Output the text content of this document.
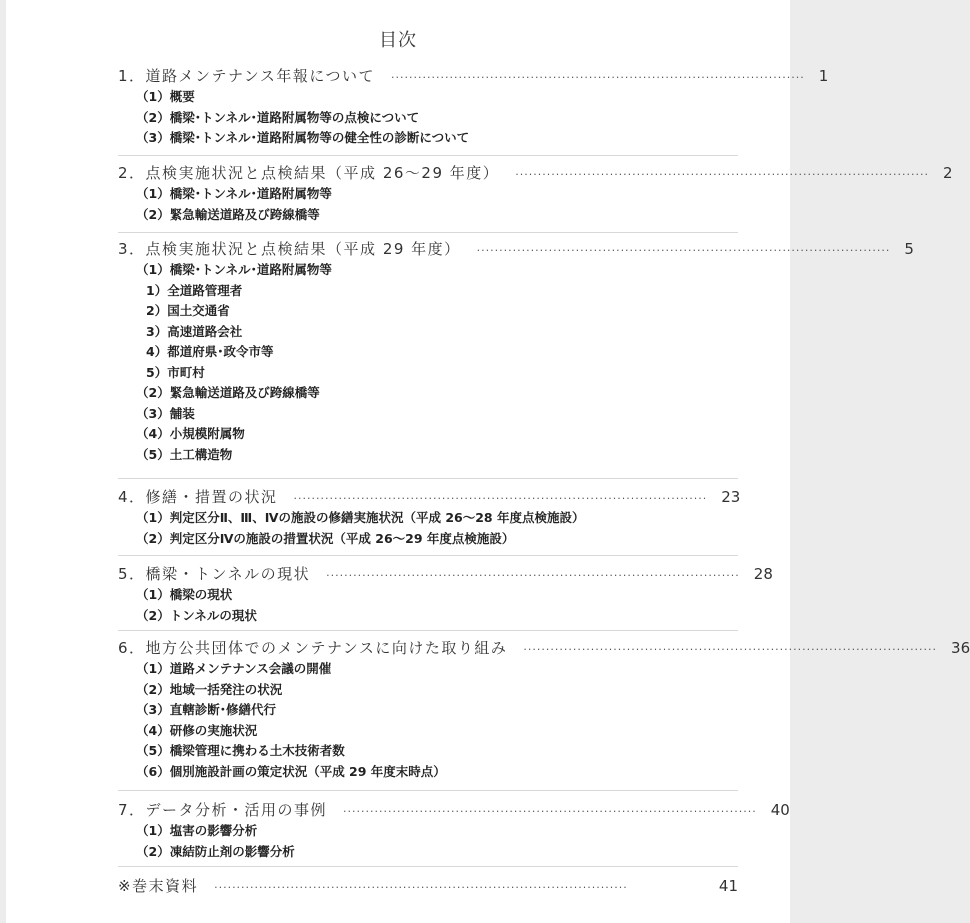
目次
1．道路メンテナンス年報について ···························································································· 1
（1）概要
（2）橋梁･トンネル･道路附属物等の点検について
（3）橋梁･トンネル･道路附属物等の健全性の診断について
2．点検実施状況と点検結果（平成 26～29 年度） ···························································································· 2
（1）橋梁･トンネル･道路附属物等
（2）緊急輸送道路及び跨線橋等
3．点検実施状況と点検結果（平成 29 年度） ···························································································· 5
（1）橋梁･トンネル･道路附属物等
1）全道路管理者
2）国土交通省
3）高速道路会社
4）都道府県･政令市等
5）市町村
（2）緊急輸送道路及び跨線橋等
（3）舗装
（4）小規模附属物
（5）土工構造物
4．修繕・措置の状況 ···························································································· 23
（1）判定区分Ⅱ、Ⅲ、Ⅳの施設の修繕実施状況（平成 26～28 年度点検施設）
（2）判定区分Ⅳの施設の措置状況（平成 26～29 年度点検施設）
5．橋梁・トンネルの現状 ···························································································· 28
（1）橋梁の現状
（2）トンネルの現状
6．地方公共団体でのメンテナンスに向けた取り組み ···························································································· 36
（1）道路メンテナンス会議の開催
（2）地域一括発注の状況
（3）直轄診断･修繕代行
（4）研修の実施状況
（5）橋梁管理に携わる土木技術者数
（6）個別施設計画の策定状況（平成 29 年度末時点）
7．データ分析・活用の事例 ···························································································· 40
（1）塩害の影響分析
（2）凍結防止剤の影響分析
※巻末資料 ····························································································	41
